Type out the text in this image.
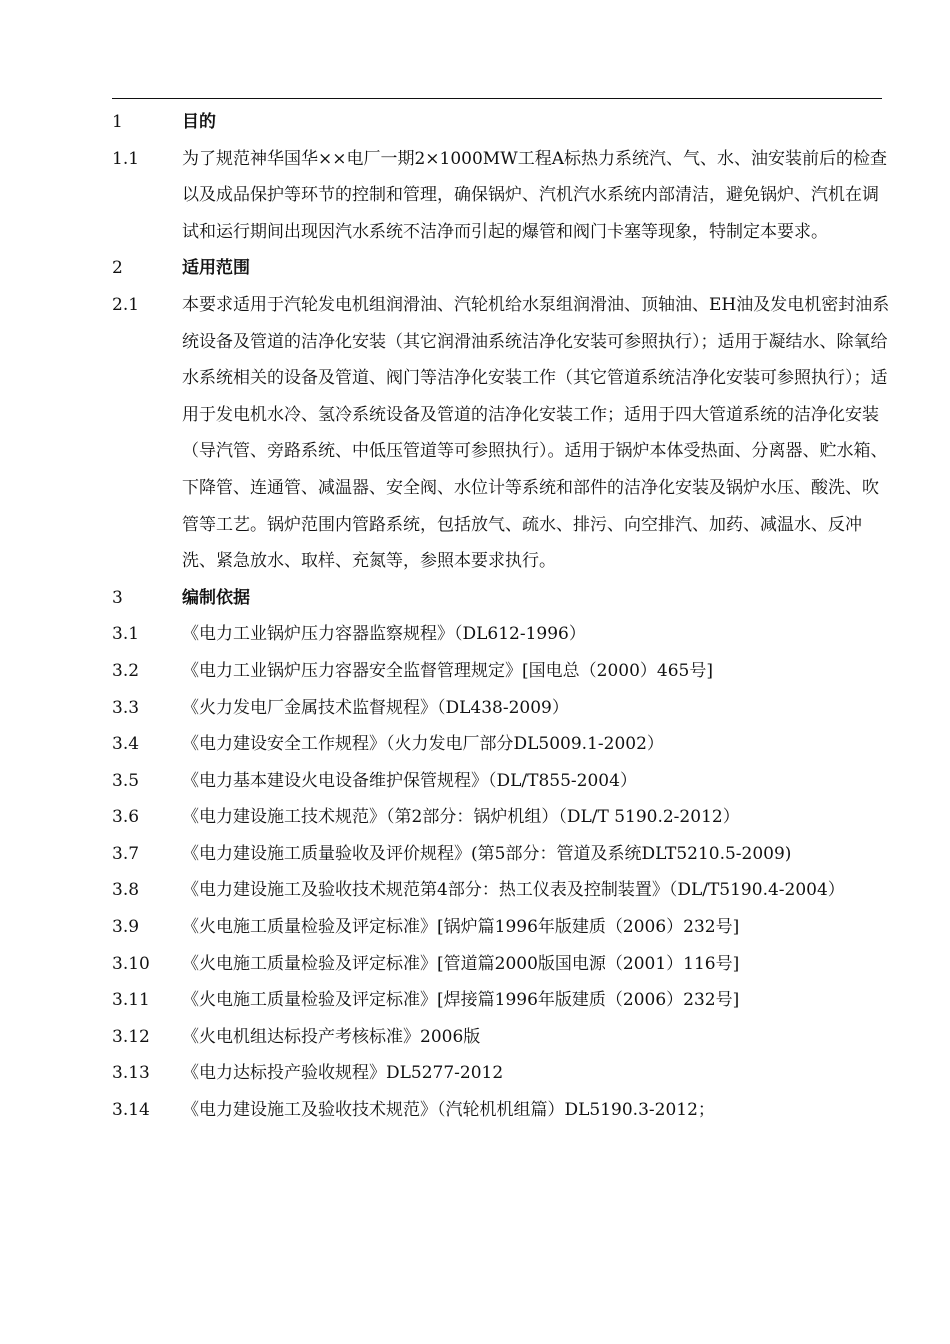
1	目的
1.1	为了规范神华国华××电厂一期2×1000MW工程A标热力系统汽、气、水、油安装前后的检查以及成品保护等环节的控制和管理，确保锅炉、汽机汽水系统内部清洁，避免锅炉、汽机在调试和运行期间出现因汽水系统不洁净而引起的爆管和阀门卡塞等现象，特制定本要求。
2	适用范围
2.1	本要求适用于汽轮发电机组润滑油、汽轮机给水泵组润滑油、顶轴油、EH油及发电机密封油系统设备及管道的洁净化安装（其它润滑油系统洁净化安装可参照执行）；适用于凝结水、除氧给水系统相关的设备及管道、阀门等洁净化安装工作（其它管道系统洁净化安装可参照执行）；适用于发电机水冷、氢冷系统设备及管道的洁净化安装工作；适用于四大管道系统的洁净化安装（导汽管、旁路系统、中低压管道等可参照执行）。适用于锅炉本体受热面、分离器、贮水箱、下降管、连通管、减温器、安全阀、水位计等系统和部件的洁净化安装及锅炉水压、酸洗、吹管等工艺。锅炉范围内管路系统，包括放气、疏水、排污、向空排汽、加药、减温水、反冲洗、紧急放水、取样、充氮等，参照本要求执行。
3	编制依据
3.1	《电力工业锅炉压力容器监察规程》（DL612-1996）
3.2	《电力工业锅炉压力容器安全监督管理规定》[国电总（2000）465号]
3.3	《火力发电厂金属技术监督规程》（DL438-2009）
3.4	《电力建设安全工作规程》（火力发电厂部分DL5009.1-2002）
3.5	《电力基本建设火电设备维护保管规程》（DL/T855-2004）
3.6	《电力建设施工技术规范》（第2部分：锅炉机组）（DL/T 5190.2-2012）
3.7	《电力建设施工质量验收及评价规程》(第5部分：管道及系统DLT5210.5-2009)
3.8	《电力建设施工及验收技术规范第4部分：热工仪表及控制装置》（DL/T5190.4-2004）
3.9	《火电施工质量检验及评定标准》[锅炉篇1996年版建质（2006）232号]
3.10	《火电施工质量检验及评定标准》[管道篇2000版国电源（2001）116号]
3.11	《火电施工质量检验及评定标准》[焊接篇1996年版建质（2006）232号]
3.12	《火电机组达标投产考核标准》2006版
3.13	《电力达标投产验收规程》DL5277-2012
3.14	《电力建设施工及验收技术规范》（汽轮机机组篇）DL5190.3-2012；
